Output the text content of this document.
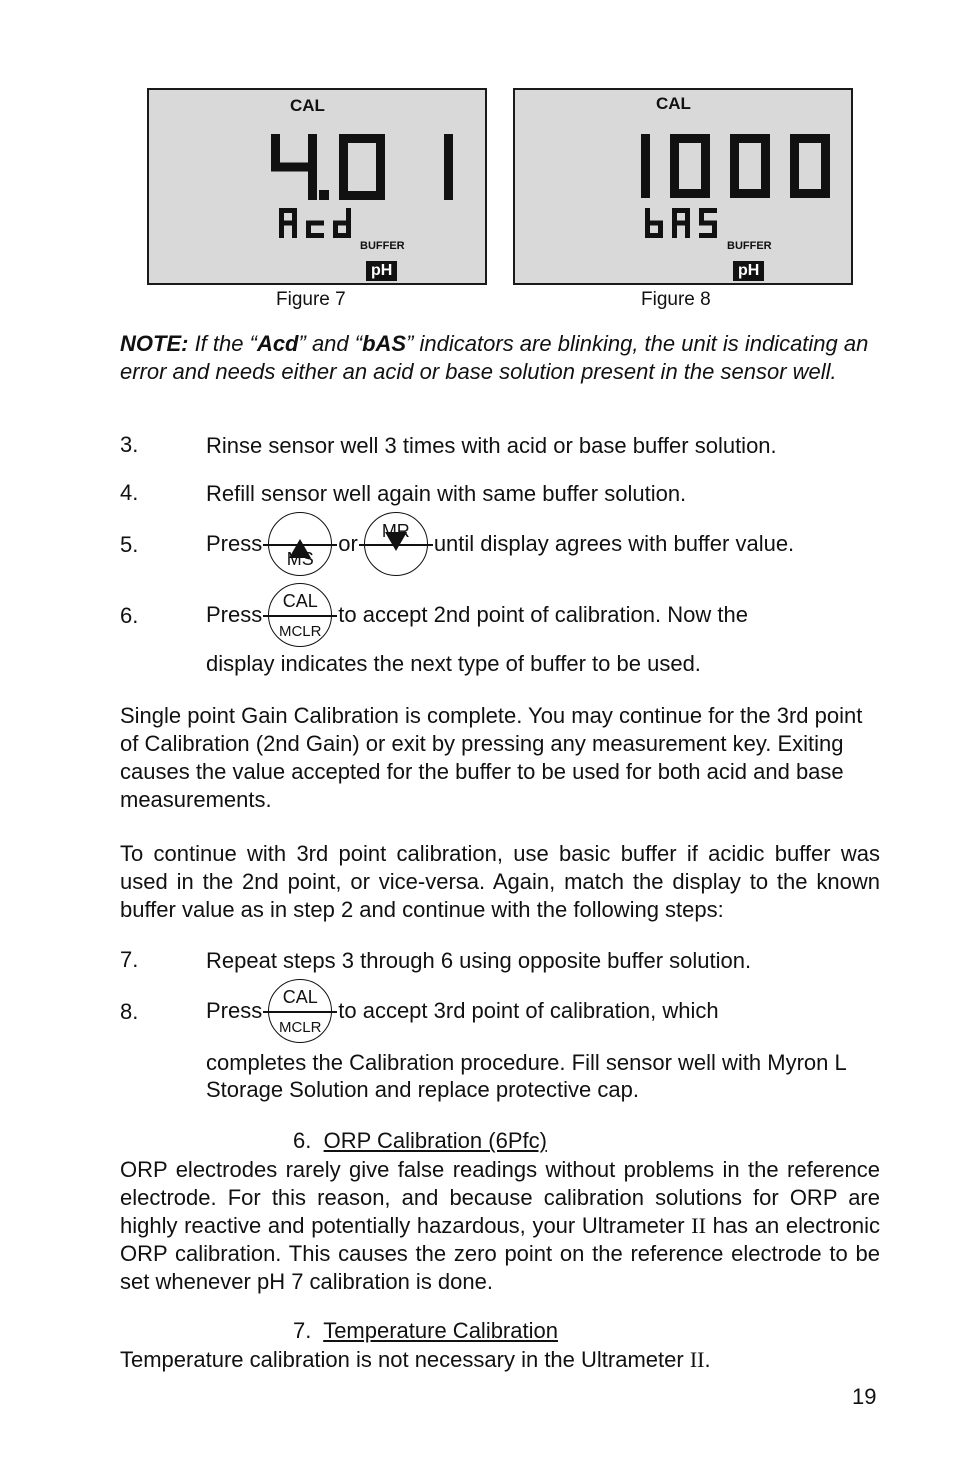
CAL
BUFFER
pH
Figure 7
CAL
BUFFER
pH
Figure 8

NOTE: If the “Acd” and “bAS” indicators are blinking, the unit is indicating an error and needs either an acid or base solution present in the sensor well.

3.	Rinse sensor well 3 times with acid or base buffer solution.
4.	Refill sensor well again with same buffer solution.
5.	Press
MS
or	MR	until display agrees with buffer value.
6.	Press
CAL
MCLR
to accept 2nd point of calibration. Now the
display indicates the next type of buffer to be used.

Single point Gain Calibration is complete. You may continue for the 3rd point of Calibration (2nd Gain) or exit by pressing any measurement key. Exiting causes the value accepted for the buffer to be used for both acid and base measurements.

To continue with 3rd point calibration, use basic buffer if acidic buffer was used in the 2nd point, or vice-versa. Again, match the display to the known buffer value as in step 2 and continue with the following steps:

7.	Repeat steps 3 through 6 using opposite buffer solution.
8.	Press
CAL
MCLR
to accept 3rd point of calibration, which
completes the Calibration procedure. Fill sensor well with Myron L Storage Solution and replace protective cap.
6. ORP Calibration (6Pfc)

ORP electrodes rarely give false readings without problems in the reference electrode. For this reason, and because calibration solutions for ORP are highly reactive and potentially hazardous, your Ultrameter II has an electronic ORP calibration. This causes the zero point on the reference electrode to be set whenever pH 7 calibration is done.

7. Temperature Calibration

Temperature calibration is not necessary in the Ultrameter II.

19
